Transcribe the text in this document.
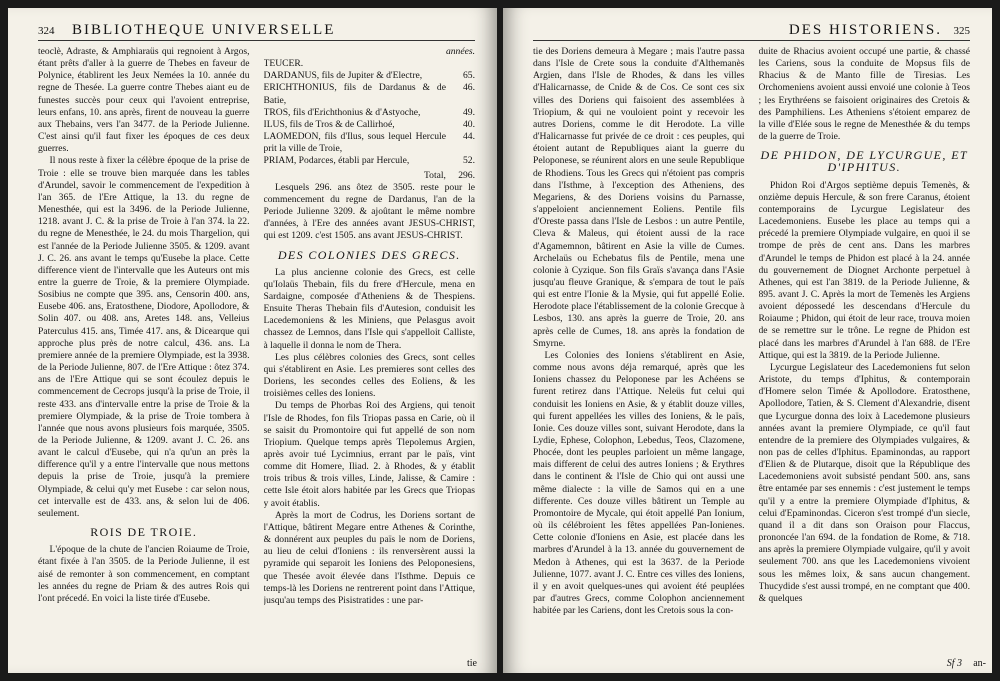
324 BIBLIOTHEQUE UNIVERSELLE

teoclè, Adraste, & Amphiaraüs qui regnoient à Argos, étant prêts d'aller à la guerre de Thebes en faveur de Polynice, établirent les Jeux Nemées la 10. année du regne de Thesée. La guerre contre Thebes aiant eu de funestes succès pour ceux qui l'avoient entreprise, leurs enfans, 10. ans après, firent de nouveau la guerre aux Thebains, vers l'an 3477. de la Periode Julienne. C'est ainsi qu'il faut fixer les époques de ces deux guerres.

Il nous reste à fixer la célèbre époque de la prise de Troie : elle se trouve bien marquée dans les tables d'Arundel, savoir le commencement de l'expedition à l'an 365. de l'Ere Attique, la 13. du regne de Menesthée, qui est la 3496. de la Periode Julienne, 1218. avant J. C. & la prise de Troie à l'an 374. la 22. du regne de Menesthée, le 24. du mois Thargelion, qui est l'année de la Periode Julienne 3505. & 1209. avant J. C. 26. ans avant le temps qu'Eusebe la place. Cette difference vient de l'intervalle que les Auteurs ont mis entre la guerre de Troie, & la premiere Olympiade. Sosibius ne compte que 395. ans, Censorin 400. ans, Eusebe 406. ans, Eratosthene, Diodore, Apollodore, & Solin 407. ou 408. ans, Aretes 148. ans, Velleius Paterculus 415. ans, Timée 417. ans, & Dicearque qui approche plus près de notre calcul, 436. ans. La premiere année de la premiere Olympiade, est la 3938. de la Periode Julienne, 807. de l'Ere Attique : ôtez 374. ans de l'Ere Attique qui se sont écoulez depuis le commencement de Cecrops jusqu'à la prise de Troie, il reste 433. ans d'intervalle entre la prise de Troie & la premiere Olympiade, & la prise de Troie tombera à l'année que nous avons plusieurs fois marquée, 3505. de la Periode Julienne, & 1209. avant J. C. 26. ans avant le calcul d'Eusebe, qui n'a qu'un an près la difference qu'il y a entre l'intervalle que nous mettons depuis la prise de Troie, jusqu'à la premiere Olympiade, & celui qu'y met Eusebe : car selon nous, cet intervalle est de 433. ans, & selon lui de 406. seulement.

ROIS DE TROIE.

L'époque de la chute de l'ancien Roiaume de Troie, étant fixée à l'an 3505. de la Periode Julienne, il est aisé de remonter à son commencement, en comptant les années du regne de Priam & des autres Rois qui l'ont précedé. En voici la liste tirée d'Eusebe.

	années.
TEUCER.	
DARDANUS, fils de Jupiter & d'Electre,	65.
ERICHTHONIUS, fils de Dardanus & de Batie,	46.
TROS, fils d'Erichthonius & d'Astyoche,	49.
ILUS, fils de Tros & de Callirhoé,	40.
LAOMEDON, fils d'Ilus, sous lequel Hercule prit la ville de Troie,	44.
PRIAM, Podarces, établi par Hercule,	52.
Total,	296.

Lesquels 296. ans ôtez de 3505. reste pour le commencement du regne de Dardanus, l'an de la Periode Julienne 3209. & ajoûtant le même nombre d'années, à l'Ere des années avant JESUS-CHRIST, qui est 1209. c'est 1505. ans avant JESUS-CHRIST.

DES COLONIES DES GRECS.

La plus ancienne colonie des Grecs, est celle qu'Iolaüs Thebain, fils du frere d'Hercule, mena en Sardaigne, composée d'Atheniens & de Thespiens. Ensuite Theras Thebain fils d'Autesion, conduisit les Lacedemoniens & les Miniens, que Pelasgus avoit chassez de Lemnos, dans l'Isle qui s'appelloit Calliste, à laquelle il donna le nom de Thera.

Les plus célèbres colonies des Grecs, sont celles qui s'établirent en Asie. Les premieres sont celles des Doriens, les secondes celles des Eoliens, & les troisièmes celles des Ioniens.

Du temps de Phorbas Roi des Argiens, qui tenoit l'Isle de Rhodes, fon fils Triopas passa en Carie, où il se saisit du Promontoire qui fut appellé de son nom Triopium. Quelque temps après Tlepolemus Argien, après avoir tué Lycimnius, errant par le païs, vint comme dit Homere, Iliad. 2. à Rhodes, & y établit trois tribus & trois villes, Linde, Jalisse, & Camire : cette Isle étoit alors habitée par les Grecs que Triopas y avoit établis.

Après la mort de Codrus, les Doriens sortant de l'Attique, bâtirent Megare entre Athenes & Corinthe, & donnérent aux peuples du païs le nom de Doriens, au lieu de celui d'Ioniens : ils renversèrent aussi la pyramide qui separoit les Ioniens des Peloponesiens, que Thesée avoit élevée dans l'Isthme. Depuis ce temps-là les Doriens ne rentrerent point dans l'Attique, jusqu'au temps des Pisistratides : une par-

tie
DES HISTORIENS. 325

tie des Doriens demeura à Megare ; mais l'autre passa dans l'Isle de Crete sous la conduite d'Althemanès Argien, dans l'Isle de Rhodes, & dans les villes d'Halicarnasse, de Cnide & de Cos. Ce sont ces six villes des Doriens qui faisoient des assemblées à Triopium, & qui ne vouloient point y recevoir les autres Doriens, comme le dit Herodote. La ville d'Halicarnasse fut privée de ce droit : ces peuples, qui étoient autant de Republiques aiant la guerre du Peloponese, se réunirent alors en une seule Republique de Rhodiens. Tous les Grecs qui n'étoient pas compris dans l'Isthme, à l'exception des Atheniens, des Megariens, & des Doriens voisins du Parnasse, s'appeloient anciennement Eoliens. Pentile fils d'Oreste passa dans l'Isle de Lesbos : un autre Pentile, Cleva & Maleus, qui étoient aussi de la race d'Agamemnon, bâtirent en Asie la ville de Cumes. Archelaüs ou Echebatus fils de Pentile, mena une colonie à Cyzique. Son fils Graïs s'avança dans l'Asie jusqu'au fleuve Granique, & s'empara de tout le païs qui est entre l'Ionie & la Mysie, qui fut appellé Eolie. Herodote place l'établissement de la colonie Grecque à Lesbos, 130. ans après la guerre de Troie, 20. ans après celle de Cumes, 18. ans après la fondation de Smyrne.

Les Colonies des Ioniens s'établirent en Asie, comme nous avons déja remarqué, après que les Ioniens chassez du Peloponese par les Achéens se furent retirez dans l'Attique. Neleüs fut celui qui conduisit les Ioniens en Asie, & y établit douze villes, qui furent appellées les villes des Ioniens, & le païs, Ionie. Ces douze villes sont, suivant Herodote, dans la Lydie, Ephese, Colophon, Lebedus, Teos, Clazomene, Phocée, dont les peuples parloient un même langage, mais different de celui des autres Ioniens ; & Erythres dans le continent & l'Isle de Chio qui ont aussi une même dialecte : la ville de Samos qui en a une differente. Ces douze villes bâtirent un Temple au Promontoire de Mycale, qui étoit appellé Pan Ionium, où ils célébroient les fêtes appellées Pan-Ionienes. Cette colonie d'Ioniens en Asie, est placée dans les marbres d'Arundel à la 13. année du gouvernement de Medon à Athenes, qui est la 3637. de la Periode Julienne, 1077. avant J. C. Entre ces villes des Ioniens, il y en avoit quelques-unes qui avoient été peuplées par d'autres Grecs, comme Colophon anciennement habitée par les Cariens, dont les Cretois sous la con-

duite de Rhacius avoient occupé une partie, & chassé les Cariens, sous la conduite de Mopsus fils de Rhacius & de Manto fille de Tiresias. Les Orchomeniens avoient aussi envoié une colonie à Teos ; les Erythréens se faisoient originaires des Cretois & des Pamphiliens. Les Atheniens s'étoient emparez de la ville d'Elée sous le regne de Menesthée & du temps de la guerre de Troie.

DE PHIDON, DE LYCURGUE, ET D'IPHITUS.

Phidon Roi d'Argos septième depuis Temenès, & onzième depuis Hercule, & son frere Caranus, étoient contemporains de Lycurgue Legislateur des Lacedemoniens. Eusebe les place au temps qui a précedé la premiere Olympiade vulgaire, en quoi il se trompe de près de cent ans. Dans les marbres d'Arundel le temps de Phidon est placé à la 24. année du gouvernement de Diognet Archonte perpetuel à Athenes, qui est l'an 3819. de la Periode Julienne, & 895. avant J. C. Après la mort de Temenès les Argiens avoient dépossedé les descendans d'Hercule du Roiaume ; Phidon, qui étoit de leur race, trouva moien de se remettre sur le trône. Le regne de Phidon est placé dans les marbres d'Arundel à l'an 688. de l'Ere Attique, qui est la 3819. de la Periode Julienne.

Lycurgue Legislateur des Lacedemoniens fut selon Aristote, du temps d'Iphitus, & contemporain d'Homere selon Timée & Apollodore. Eratosthene, Apollodore, Tatien, & S. Clement d'Alexandrie, disent que Lycurgue donna des loix à Lacedemone plusieurs années avant la premiere Olympiade, ce qu'il faut entendre de la premiere des Olympiades vulgaires, & non pas de celles d'Iphitus. Epaminondas, au rapport d'Elien & de Plutarque, disoit que la République des Lacedemoniens avoit subsisté pendant 500. ans, sans être entamée par ses ennemis : c'est justement le temps qu'il y a entre la premiere Olympiade d'Iphitus, & celui d'Epaminondas. Ciceron s'est trompé d'un siecle, quand il a dit dans son Oraison pour Flaccus, prononcée l'an 694. de la fondation de Rome, & 718. ans après la premiere Olympiade vulgaire, qu'il y avoit seulement 700. ans que les Lacedemoniens vivoient sous les mêmes loix, & sans aucun changement. Thucydide s'est aussi trompé, en ne comptant que 400. & quelques

Sf 3 an-
